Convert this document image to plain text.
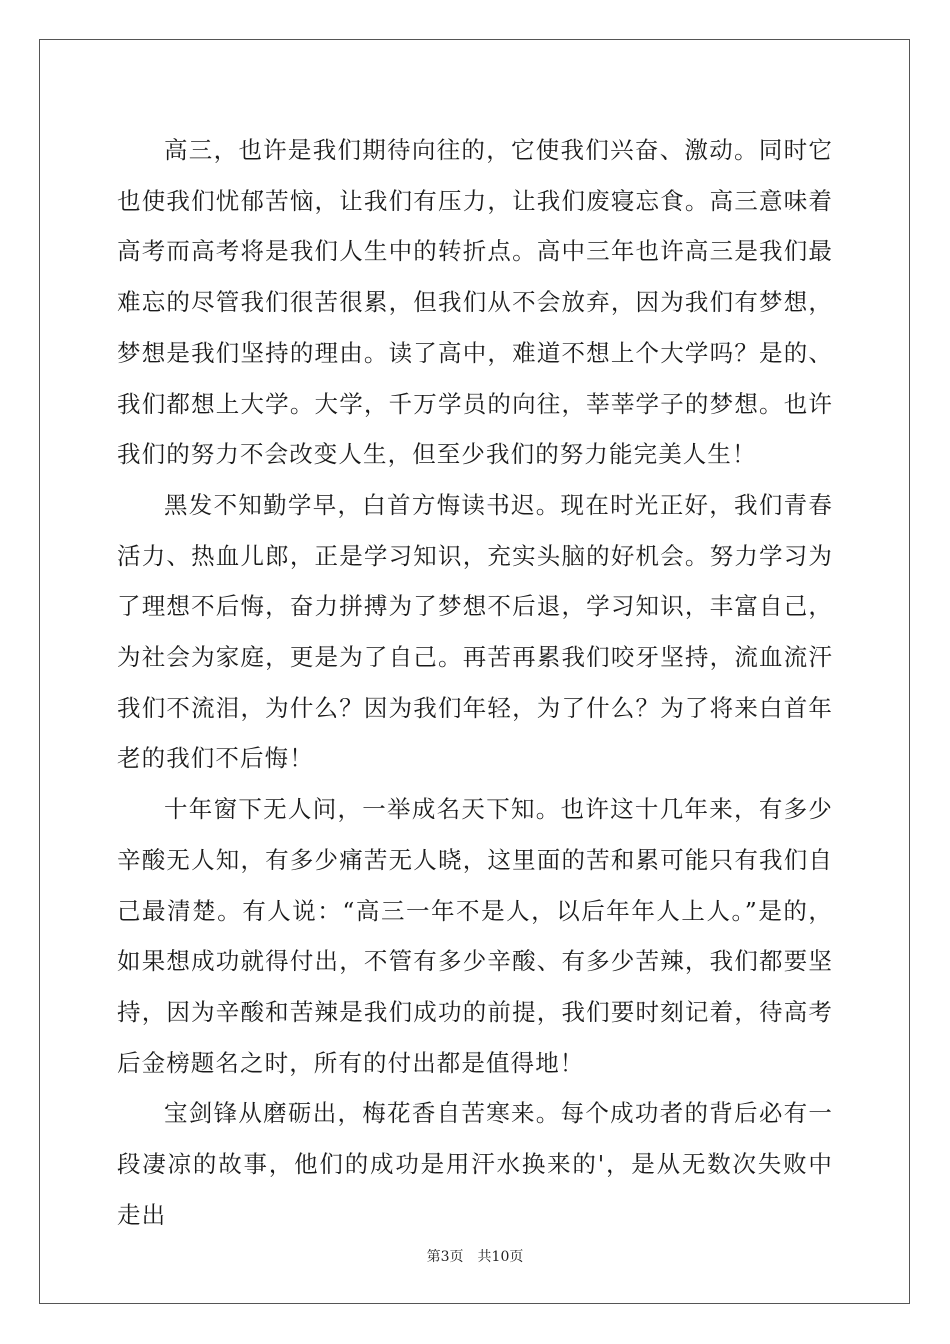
高三，也许是我们期待向往的，它使我们兴奋、激动。同时它也使我们忧郁苦恼，让我们有压力，让我们废寝忘食。高三意味着高考而高考将是我们人生中的转折点。高中三年也许高三是我们最难忘的尽管我们很苦很累，但我们从不会放弃，因为我们有梦想，梦想是我们坚持的理由。读了高中，难道不想上个大学吗？是的、我们都想上大学。大学，千万学员的向往，莘莘学子的梦想。也许我们的努力不会改变人生，但至少我们的努力能完美人生！

黑发不知勤学早，白首方悔读书迟。现在时光正好，我们青春活力、热血儿郎，正是学习知识，充实头脑的好机会。努力学习为了理想不后悔，奋力拼搏为了梦想不后退，学习知识，丰富自己，为社会为家庭，更是为了自己。再苦再累我们咬牙坚持，流血流汗我们不流泪，为什么？因为我们年轻，为了什么？为了将来白首年老的我们不后悔！

十年窗下无人问，一举成名天下知。也许这十几年来，有多少辛酸无人知，有多少痛苦无人晓，这里面的苦和累可能只有我们自己最清楚。有人说：“高三一年不是人，以后年年人上人。”是的，如果想成功就得付出，不管有多少辛酸、有多少苦辣，我们都要坚持，因为辛酸和苦辣是我们成功的前提，我们要时刻记着，待高考后金榜题名之时，所有的付出都是值得地！

宝剑锋从磨砺出，梅花香自苦寒来。每个成功者的背后必有一段凄凉的故事，他们的成功是用汗水换来的'，是从无数次失败中走出

第3页　共10页
